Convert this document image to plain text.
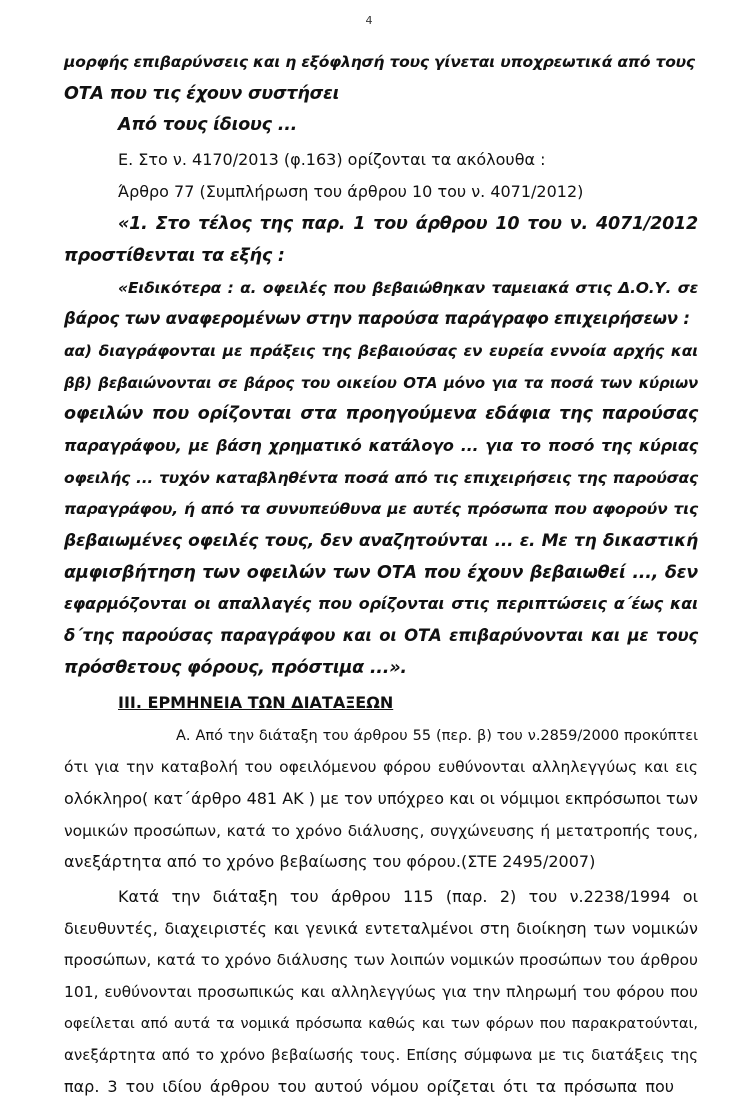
4
μορφής επιβαρύνσεις και η εξόφλησή τους γίνεται υποχρεωτικά από τους
ΟΤΑ που τις έχουν συστήσει
Από τους ίδιους ...
Ε. Στο ν. 4170/2013 (φ.163) ορίζονται τα ακόλουθα :
Άρθρο 77 (Συμπλήρωση του άρθρου 10 του ν. 4071/2012)
«1. Στο τέλος της παρ. 1 του άρθρου 10 του ν. 4071/2012
προστίθενται τα εξής :
«Ειδικότερα : α. οφειλές που βεβαιώθηκαν ταμειακά στις Δ.Ο.Υ. σε
βάρος των αναφερομένων στην παρούσα παράγραφο επιχειρήσεων :
αα) διαγράφονται με πράξεις της βεβαιούσας εν ευρεία εννοία αρχής και
ββ) βεβαιώνονται σε βάρος του οικείου ΟΤΑ μόνο για τα ποσά των κύριων
οφειλών που ορίζονται στα προηγούμενα εδάφια της παρούσας
παραγράφου, με βάση χρηματικό κατάλογο ... για το ποσό της κύριας
οφειλής ... τυχόν καταβληθέντα ποσά από τις επιχειρήσεις της παρούσας
παραγράφου, ή από τα συνυπεύθυνα με αυτές πρόσωπα που αφορούν τις
βεβαιωμένες οφειλές τους, δεν αναζητούνται ... ε. Με τη δικαστική
αμφισβήτηση των οφειλών των ΟΤΑ που έχουν βεβαιωθεί ..., δεν
εφαρμόζονται οι απαλλαγές που ορίζονται στις περιπτώσεις α΄έως και
δ΄της παρούσας παραγράφου και οι ΟΤΑ επιβαρύνονται και με τους
πρόσθετους φόρους, πρόστιμα ...».
III. ΕΡΜΗΝΕΙΑ ΤΩΝ ΔΙΑΤΑΞΕΩΝ
Α. Από την διάταξη του άρθρου 55 (περ. β) του ν.2859/2000 προκύπτει
ότι για την καταβολή του οφειλόμενου φόρου ευθύνονται αλληλεγγύως και εις
ολόκληρο( κατ΄άρθρο 481 ΑΚ ) με τον υπόχρεο και οι νόμιμοι εκπρόσωποι των
νομικών προσώπων, κατά το χρόνο διάλυσης, συγχώνευσης ή μετατροπής τους,
ανεξάρτητα από το χρόνο βεβαίωσης του φόρου.(ΣΤΕ 2495/2007)
Κατά την διάταξη του άρθρου 115 (παρ. 2) του ν.2238/1994 οι
διευθυντές, διαχειριστές και γενικά εντεταλμένοι στη διοίκηση των νομικών
προσώπων, κατά το χρόνο διάλυσης των λοιπών νομικών προσώπων του άρθρου
101, ευθύνονται προσωπικώς και αλληλεγγύως για την πληρωμή του φόρου που
οφείλεται από αυτά τα νομικά πρόσωπα καθώς και των φόρων που παρακρατούνται,
ανεξάρτητα από το χρόνο βεβαίωσής τους. Επίσης σύμφωνα με τις διατάξεις της
παρ. 3 του ιδίου άρθρου του αυτού νόμου ορίζεται ότι τα πρόσωπα που
